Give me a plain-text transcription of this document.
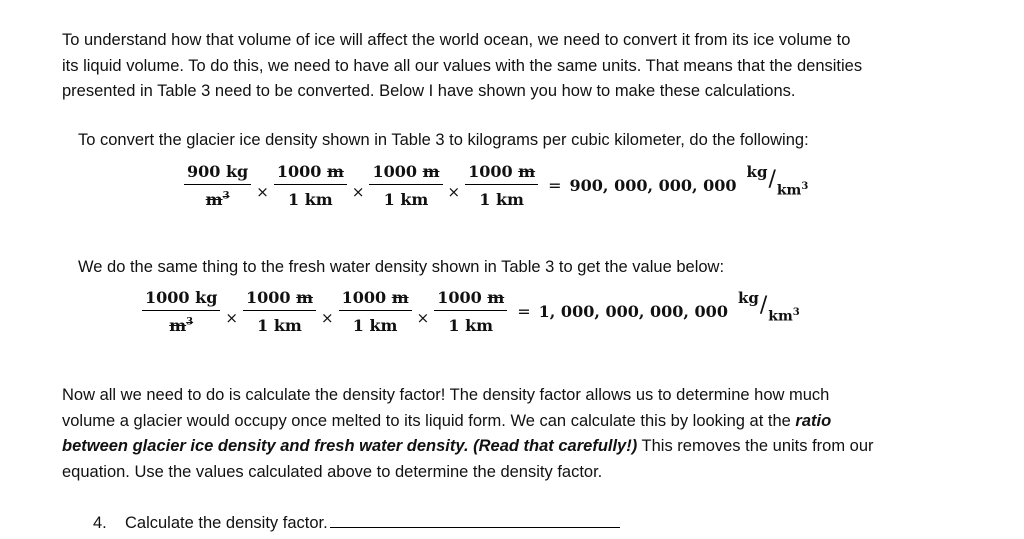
To understand how that volume of ice will affect the world ocean, we need to convert it from its ice volume to
its liquid volume. To do this, we need to have all our values with the same units. That means that the densities
presented in Table 3 need to be converted. Below I have shown you how to make these calculations.
To convert the glacier ice density shown in Table 3 to kilograms per cubic kilometer, do the following:
$\frac{900 kg}{m^3} \times \frac{1000 m}{1 km} \times \frac{1000 m}{1 km} \times \frac{1000 m}{1 km} = 900$, 000, 000, 000
kg / $km^3$
We do the same thing to the fresh water density shown in Table 3 to get the value below:
$\frac{1000 kg}{m^3} \times \frac{1000 m}{1 km} \times \frac{1000 m}{1 km} \times \frac{1000 m}{1 km} = 1$, 000, 000, 000, 000
kg / $km^3$
Now all we need to do is calculate the density factor! The density factor allows us to determine how much
volume a glacier would occupy once melted to its liquid form. We can calculate this by looking at the ratio
between glacier ice density and fresh water density. (Read that carefully!) This removes the units from our
equation. Use the values calculated above to determine the density factor.
4.	Calculate the density factor.
